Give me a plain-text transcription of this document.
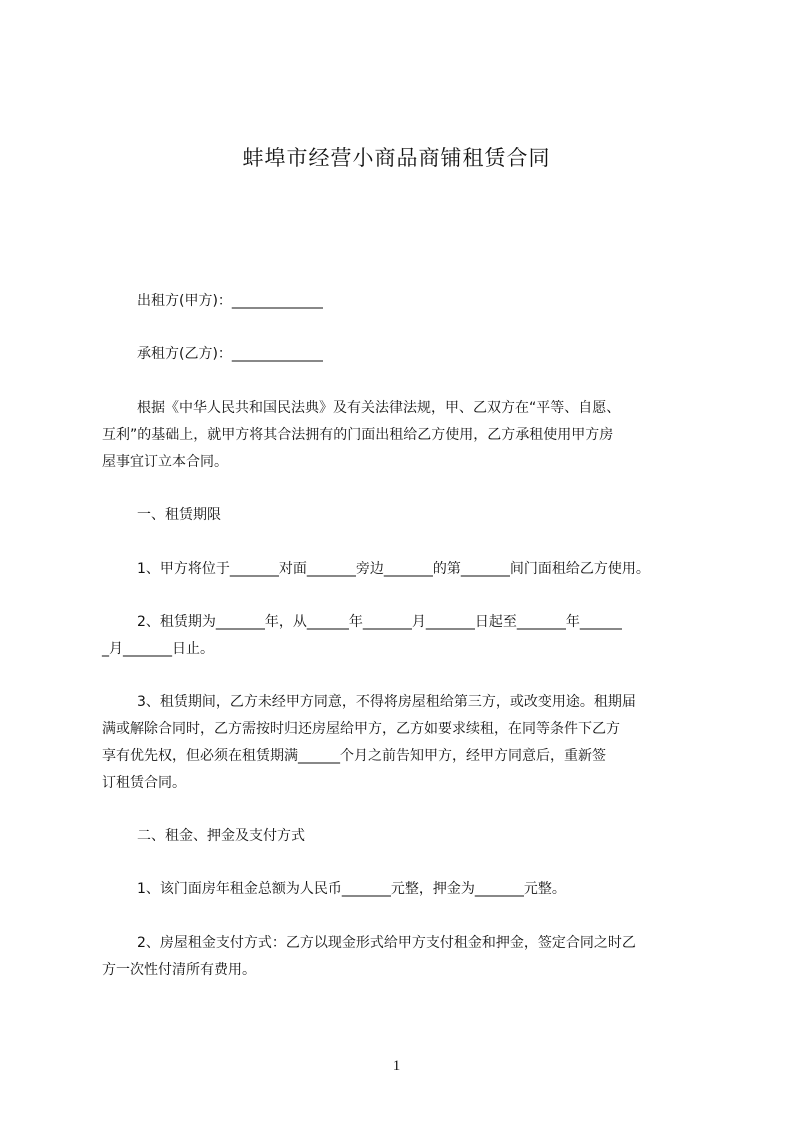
蚌埠市经营小商品商铺租赁合同
出租方(甲方)：_____________
承租方(乙方)：_____________
根据《中华人民共和国民法典》及有关法律法规，甲、乙双方在“平等、自愿、
互利”的基础上，就甲方将其合法拥有的门面出租给乙方使用，乙方承租使用甲方房
屋事宜订立本合同。
一、租赁期限
1、甲方将位于_______对面_______旁边_______的第_______间门面租给乙方使用。
2、租赁期为_______年，从______年_______月_______日起至_______年______
_月_______日止。
3、租赁期间，乙方未经甲方同意，不得将房屋租给第三方，或改变用途。租期届
满或解除合同时，乙方需按时归还房屋给甲方，乙方如要求续租，在同等条件下乙方
享有优先权，但必须在租赁期满______个月之前告知甲方，经甲方同意后，重新签
订租赁合同。
二、租金、押金及支付方式
1、该门面房年租金总额为人民币_______元整，押金为_______元整。
2、房屋租金支付方式：乙方以现金形式给甲方支付租金和押金，签定合同之时乙
方一次性付清所有费用。
1
